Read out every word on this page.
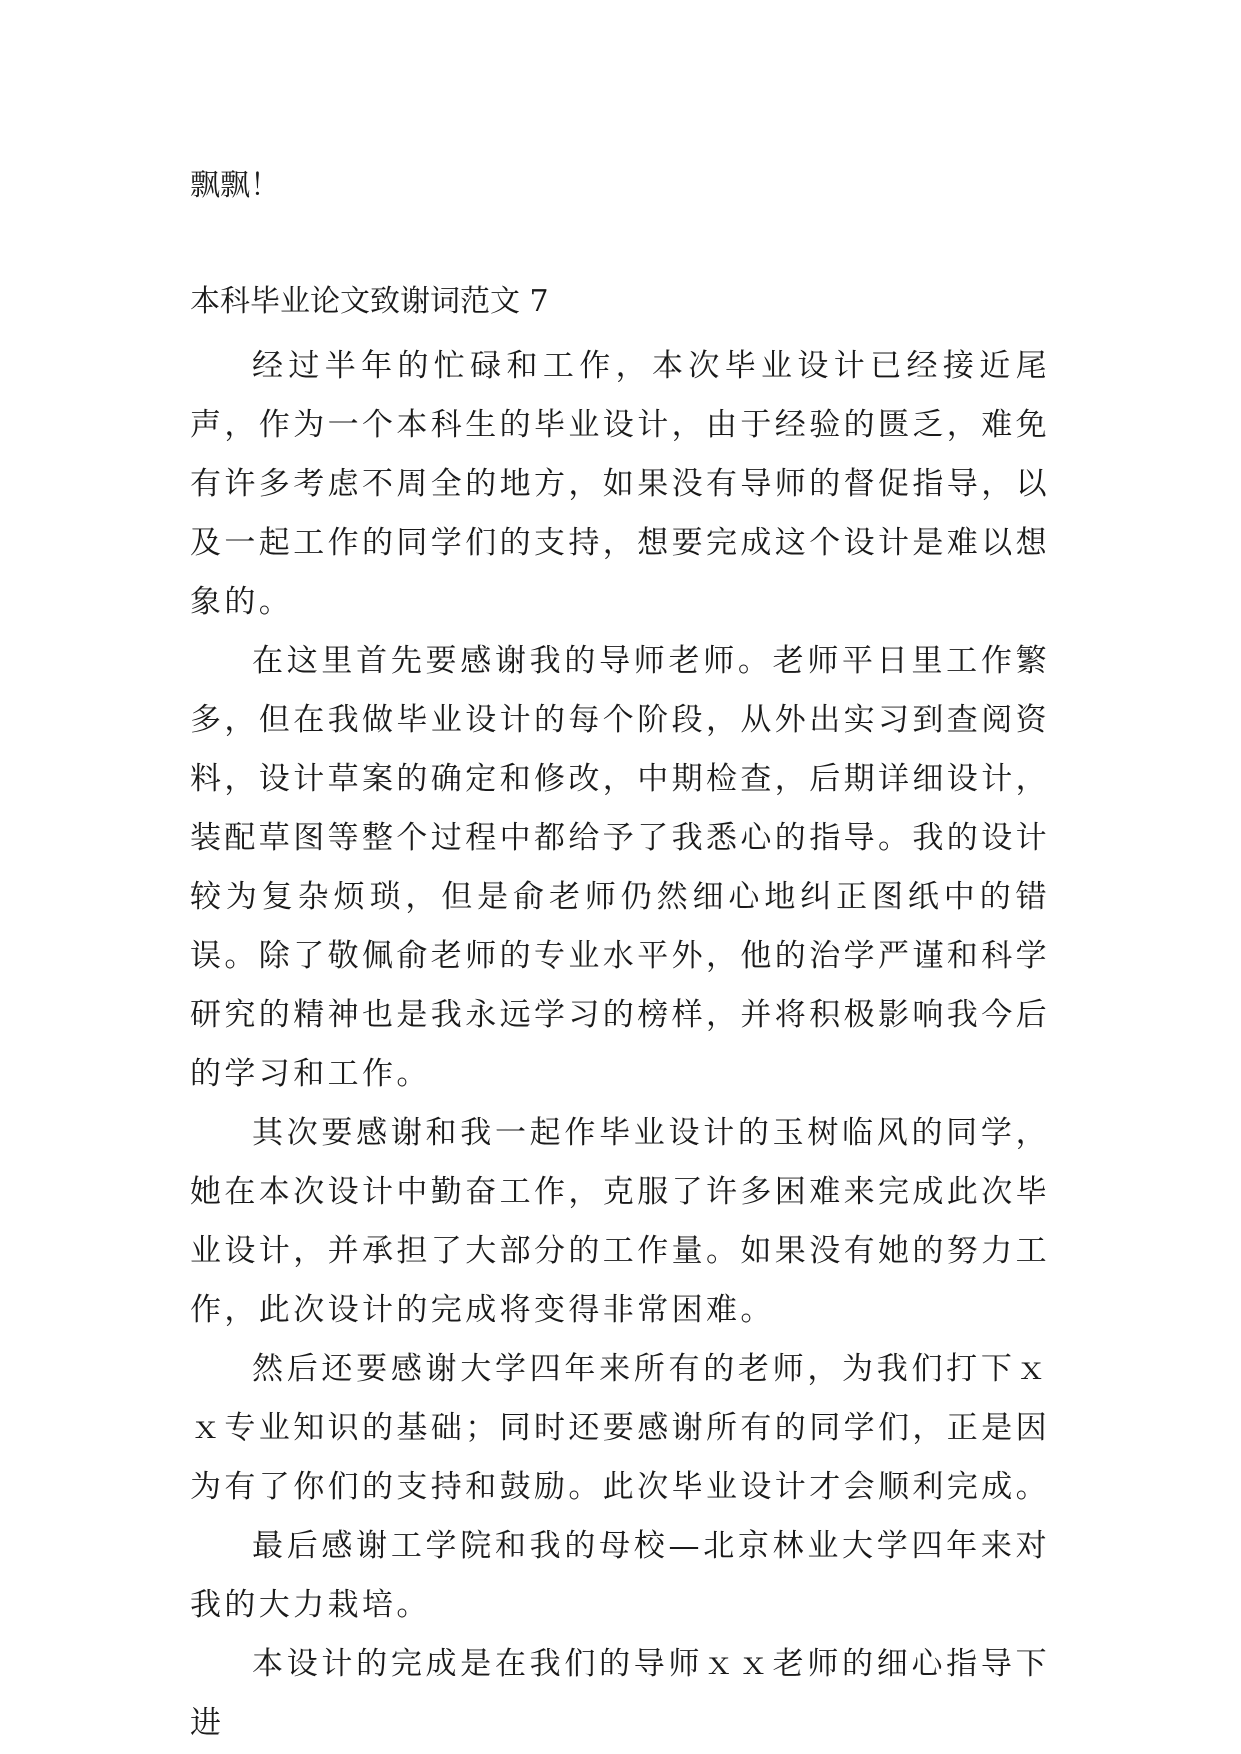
飘飘！

本科毕业论文致谢词范文 7

经过半年的忙碌和工作，本次毕业设计已经接近尾声，作为一个本科生的毕业设计，由于经验的匮乏，难免有许多考虑不周全的地方，如果没有导师的督促指导，以及一起工作的同学们的支持，想要完成这个设计是难以想象的。

在这里首先要感谢我的导师老师。老师平日里工作繁多，但在我做毕业设计的每个阶段，从外出实习到查阅资料，设计草案的确定和修改，中期检查，后期详细设计，装配草图等整个过程中都给予了我悉心的指导。我的设计较为复杂烦琐，但是俞老师仍然细心地纠正图纸中的错误。除了敬佩俞老师的专业水平外，他的治学严谨和科学研究的精神也是我永远学习的榜样，并将积极影响我今后的学习和工作。

其次要感谢和我一起作毕业设计的玉树临风的同学，她在本次设计中勤奋工作，克服了许多困难来完成此次毕业设计，并承担了大部分的工作量。如果没有她的努力工作，此次设计的完成将变得非常困难。

然后还要感谢大学四年来所有的老师，为我们打下ｘｘ专业知识的基础；同时还要感谢所有的同学们，正是因为有了你们的支持和鼓励。此次毕业设计才会顺利完成。

最后感谢工学院和我的母校—北京林业大学四年来对我的大力栽培。

本设计的完成是在我们的导师ｘｘ老师的细心指导下进
